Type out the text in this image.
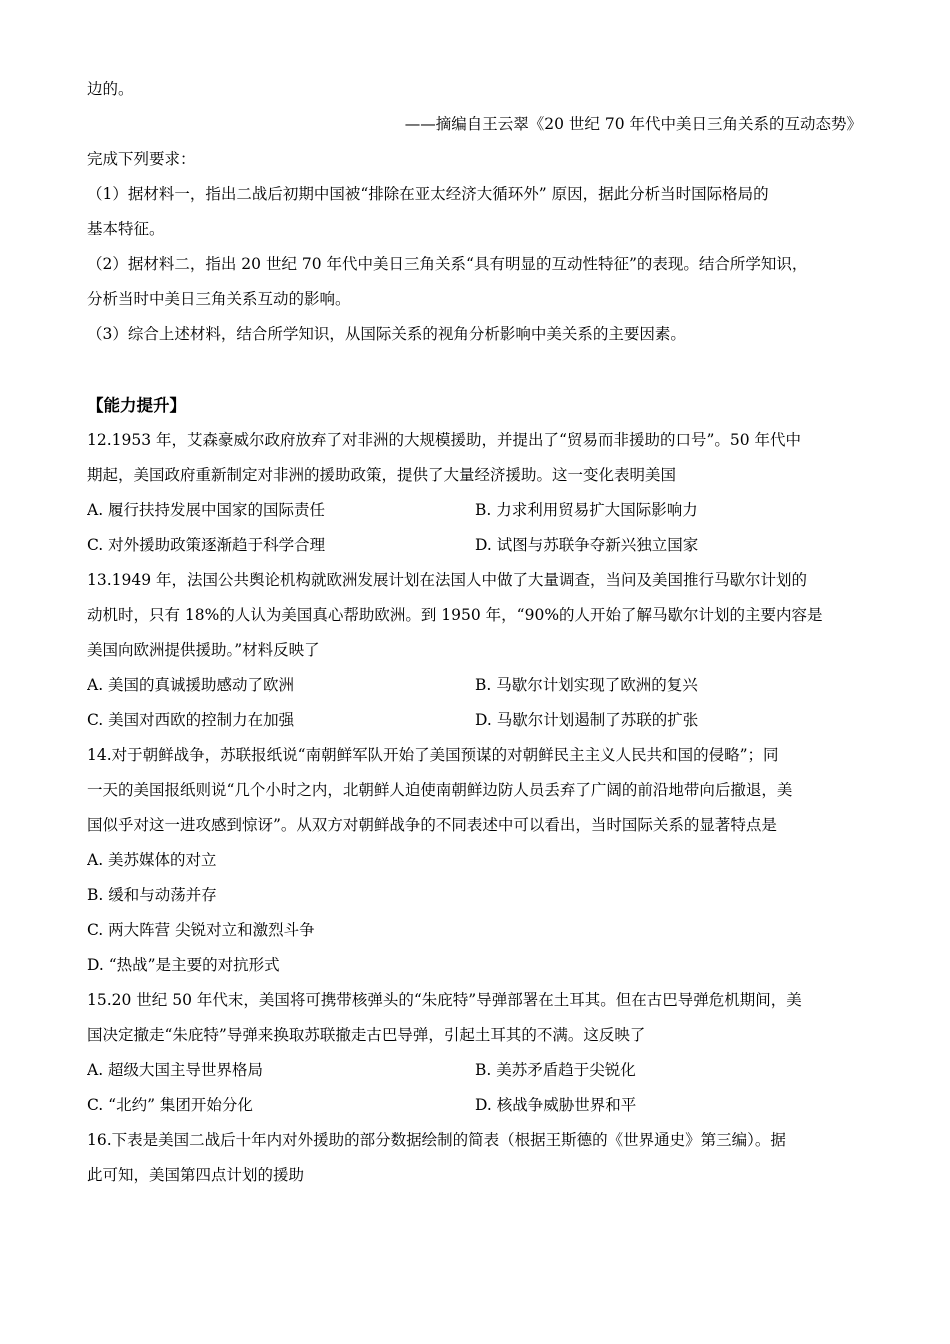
边的。
——摘编自王云翠《20 世纪 70 年代中美日三角关系的互动态势》
完成下列要求：
（1）据材料一，指出二战后初期中国被“排除在亚太经济大循环外” 原因，据此分析当时国际格局的
基本特征。
（2）据材料二，指出 20 世纪 70 年代中美日三角关系“具有明显的互动性特征”的表现。结合所学知识，
分析当时中美日三角关系互动的影响。
（3）综合上述材料，结合所学知识，从国际关系的视角分析影响中美关系的主要因素。
【能力提升】
12.1953 年，艾森豪威尔政府放弃了对非洲的大规模援助，并提出了“贸易而非援助的口号”。50 年代中
期起，美国政府重新制定对非洲的援助政策，提供了大量经济援助。这一变化表明美国
A. 履行扶持发展中国家的国际责任	B. 力求利用贸易扩大国际影响力
C. 对外援助政策逐渐趋于科学合理	D. 试图与苏联争夺新兴独立国家
13.1949 年，法国公共舆论机构就欧洲发展计划在法国人中做了大量调查，当问及美国推行马歇尔计划的
动机时，只有 18%的人认为美国真心帮助欧洲。到 1950 年，“90%的人开始了解马歇尔计划的主要内容是
美国向欧洲提供援助。”材料反映了
A. 美国的真诚援助感动了欧洲	B. 马歇尔计划实现了欧洲的复兴
C. 美国对西欧的控制力在加强	D. 马歇尔计划遏制了苏联的扩张
14.对于朝鲜战争，苏联报纸说“南朝鲜军队开始了美国预谋的对朝鲜民主主义人民共和国的侵略”；同
一天的美国报纸则说“几个小时之内，北朝鲜人迫使南朝鲜边防人员丢弃了广阔的前沿地带向后撤退，美
国似乎对这一进攻感到惊讶”。从双方对朝鲜战争的不同表述中可以看出，当时国际关系的显著特点是
A. 美苏媒体的对立
B. 缓和与动荡并存
C. 两大阵营 尖锐对立和激烈斗争
D. “热战”是主要的对抗形式
15.20 世纪 50 年代末，美国将可携带核弹头的“朱庇特”导弹部署在土耳其。但在古巴导弹危机期间，美
国决定撤走“朱庇特”导弹来换取苏联撤走古巴导弹，引起土耳其的不满。这反映了
A. 超级大国主导世界格局	B. 美苏矛盾趋于尖锐化
C. “北约” 集团开始分化	D. 核战争威胁世界和平
16.下表是美国二战后十年内对外援助的部分数据绘制的简表（根据王斯德的《世界通史》第三编）。据
此可知，美国第四点计划的援助
